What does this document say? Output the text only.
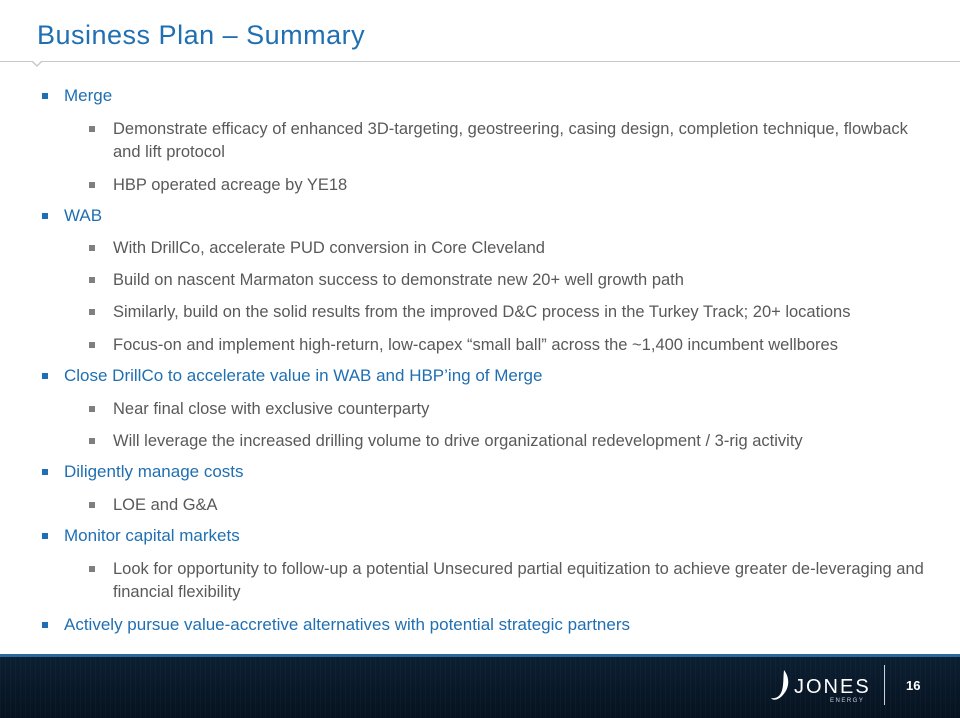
Business Plan – Summary

Merge

Demonstrate efficacy of enhanced 3D-targeting, geostreering, casing design, completion technique, flowback and lift protocol

HBP operated acreage by YE18

WAB

With DrillCo, accelerate PUD conversion in Core Cleveland

Build on nascent Marmaton success to demonstrate new 20+ well growth path

Similarly, build on the solid results from the improved D&C process in the Turkey Track; 20+ locations

Focus-on and implement high-return, low-capex “small ball” across the ~1,400 incumbent wellbores

Close DrillCo to accelerate value in WAB and HBP’ing of Merge

Near final close with exclusive counterparty

Will leverage the increased drilling volume to drive organizational redevelopment / 3-rig activity

Diligently manage costs

LOE and G&A

Monitor capital markets

Look for opportunity to follow-up a potential Unsecured partial equitization to achieve greater de-leveraging and financial flexibility

Actively pursue value-accretive alternatives with potential strategic partners

JONES
ENERGY
16
